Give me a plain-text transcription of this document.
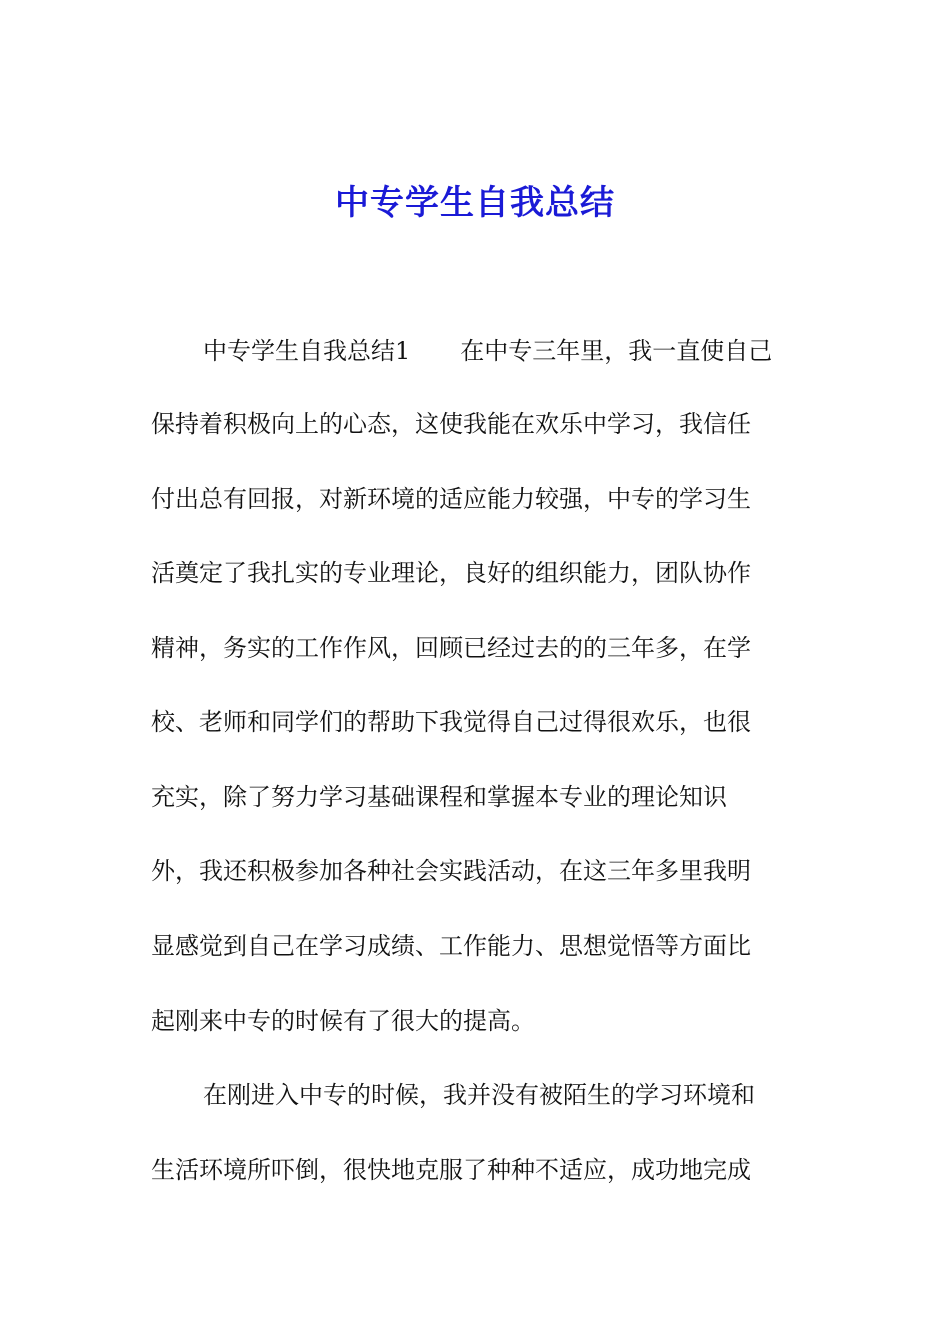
中专学生自我总结
中专学生自我总结1 在中专三年里，我一直使自己
保持着积极向上的心态，这使我能在欢乐中学习，我信任
付出总有回报，对新环境的适应能力较强，中专的学习生
活奠定了我扎实的专业理论，良好的组织能力，团队协作
精神，务实的工作作风，回顾已经过去的的三年多，在学
校、老师和同学们的帮助下我觉得自己过得很欢乐，也很
充实，除了努力学习基础课程和掌握本专业的理论知识
外，我还积极参加各种社会实践活动，在这三年多里我明
显感觉到自己在学习成绩、工作能力、思想觉悟等方面比
起刚来中专的时候有了很大的提高。
在刚进入中专的时候，我并没有被陌生的学习环境和
生活环境所吓倒，很快地克服了种种不适应，成功地完成
